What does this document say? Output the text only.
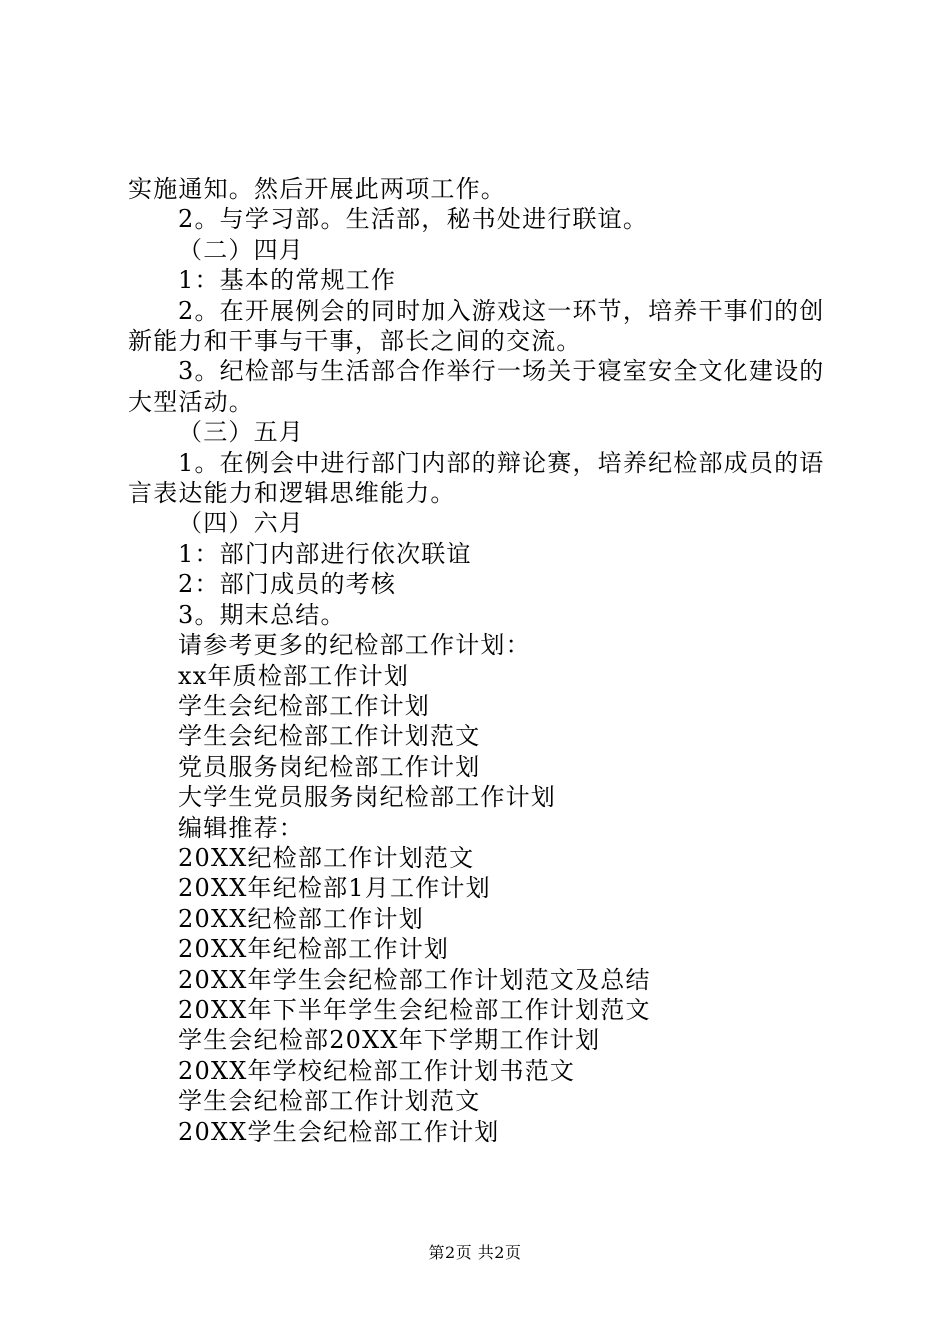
实施通知。然后开展此两项工作。
2。与学习部。生活部，秘书处进行联谊。
（二）四月
1：基本的常规工作
2。在开展例会的同时加入游戏这一环节，培养干事们的创
新能力和干事与干事，部长之间的交流。
3。纪检部与生活部合作举行一场关于寝室安全文化建设的
大型活动。
（三）五月
1。在例会中进行部门内部的辩论赛，培养纪检部成员的语
言表达能力和逻辑思维能力。
（四）六月
1：部门内部进行依次联谊
2：部门成员的考核
3。期末总结。
请参考更多的纪检部工作计划：
xx年质检部工作计划
学生会纪检部工作计划
学生会纪检部工作计划范文
党员服务岗纪检部工作计划
大学生党员服务岗纪检部工作计划
编辑推荐：
20XX纪检部工作计划范文
20XX年纪检部1月工作计划
20XX纪检部工作计划
20XX年纪检部工作计划
20XX年学生会纪检部工作计划范文及总结
20XX年下半年学生会纪检部工作计划范文
学生会纪检部20XX年下学期工作计划
20XX年学校纪检部工作计划书范文
学生会纪检部工作计划范文
20XX学生会纪检部工作计划
第2页 共2页
